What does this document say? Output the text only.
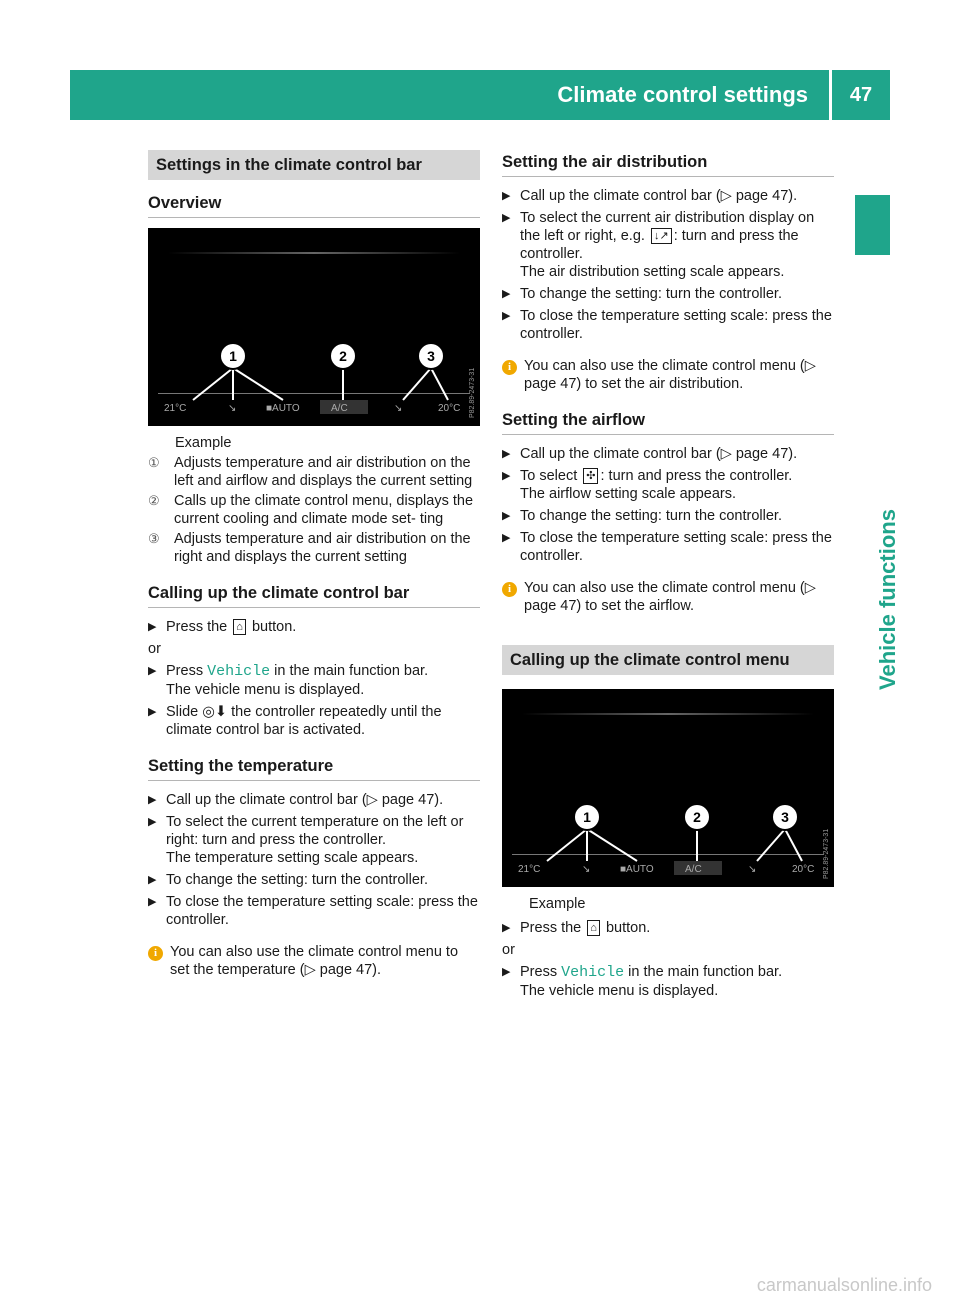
Climate control settings	47
Vehicle functions
Settings in the climate control bar
Overview
1	2	3
21°C	↘	■AUTO	A/C	↘	20°C P82.89-2473-31
Example
① Adjusts temperature and air distribution on the left and airflow and displays the current setting
② Calls up the climate control menu, displays the current cooling and climate mode set- ting
③ Adjusts temperature and air distribution on the right and displays the current setting
Calling up the climate control bar
▶ Press the ⌂ button.
or
▶ Press Vehicle in the main function bar.
The vehicle menu is displayed.
▶ Slide ◎⬇ the controller repeatedly until the climate control bar is activated.
Setting the temperature
▶ Call up the climate control bar (▷ page 47).
▶ To select the current temperature on the left or right: turn and press the controller.
The temperature setting scale appears.
▶ To change the setting: turn the controller.
▶ To close the temperature setting scale: press the controller.
i You can also use the climate control menu to set the temperature (▷ page 47).
Setting the air distribution
▶ Call up the climate control bar (▷ page 47).
▶ To select the current air distribution display on the left or right, e.g. ↓↗ : turn and press the controller.
The air distribution setting scale appears.
▶ To change the setting: turn the controller.
▶ To close the temperature setting scale: press the controller.
i You can also use the climate control menu (▷ page 47) to set the air distribution.
Setting the airflow
▶ Call up the climate control bar (▷ page 47).
▶ To select ✣ : turn and press the controller.
The airflow setting scale appears.
▶ To change the setting: turn the controller.
▶ To close the temperature setting scale: press the controller.
i You can also use the climate control menu (▷ page 47) to set the airflow.
Calling up the climate control menu
1	2	3
21°C	↘	■AUTO	A/C	↘	20°C P82.89-2473-31
Example
▶ Press the ⌂ button.
or
▶ Press Vehicle in the main function bar.
The vehicle menu is displayed.
carmanualsonline.info
